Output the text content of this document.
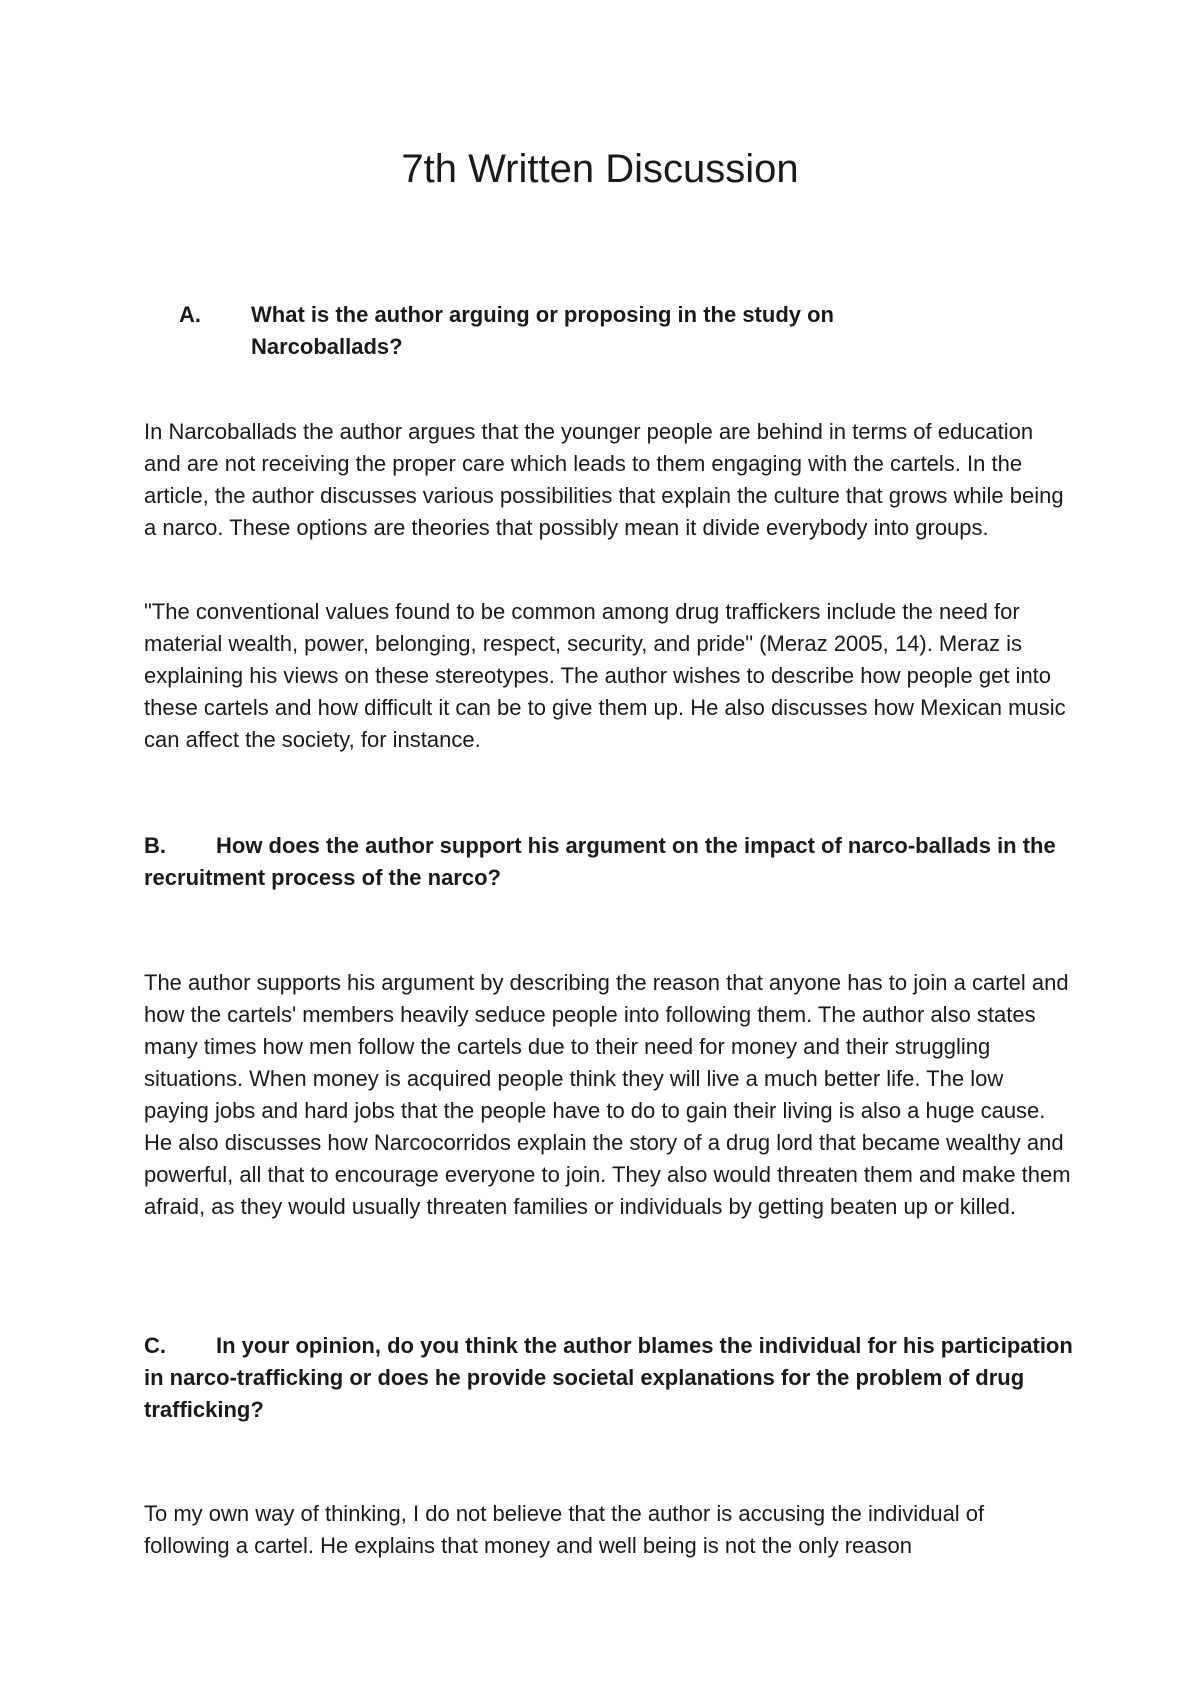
7th Written Discussion
A. What is the author arguing or proposing in the study on Narcoballads?

In Narcoballads the author argues that the younger people are behind in terms of education and are not receiving the proper care which leads to them engaging with the cartels. In the article, the author discusses various possibilities that explain the culture that grows while being a narco. These options are theories that possibly mean it divide everybody into groups.

"The conventional values found to be common among drug traffickers include the need for material wealth, power, belonging, respect, security, and pride" (Meraz 2005, 14). Meraz is explaining his views on these stereotypes. The author wishes to describe how people get into these cartels and how difficult it can be to give them up. He also discusses how Mexican music can affect the society, for instance.

B.	How does the author support his argument on the impact of narco-ballads in the recruitment process of the narco?

The author supports his argument by describing the reason that anyone has to join a cartel and how the cartels' members heavily seduce people into following them. The author also states many times how men follow the cartels due to their need for money and their struggling situations. When money is acquired people think they will live a much better life. The low paying jobs and hard jobs that the people have to do to gain their living is also a huge cause. He also discusses how Narcocorridos explain the story of a drug lord that became wealthy and powerful, all that to encourage everyone to join. They also would threaten them and make them afraid, as they would usually threaten families or individuals by getting beaten up or killed.

C.	In your opinion, do you think the author blames the individual for his participation in narco-trafficking or does he provide societal explanations for the problem of drug trafficking?

To my own way of thinking, I do not believe that the author is accusing the individual of following a cartel. He explains that money and well being is not the only reason
